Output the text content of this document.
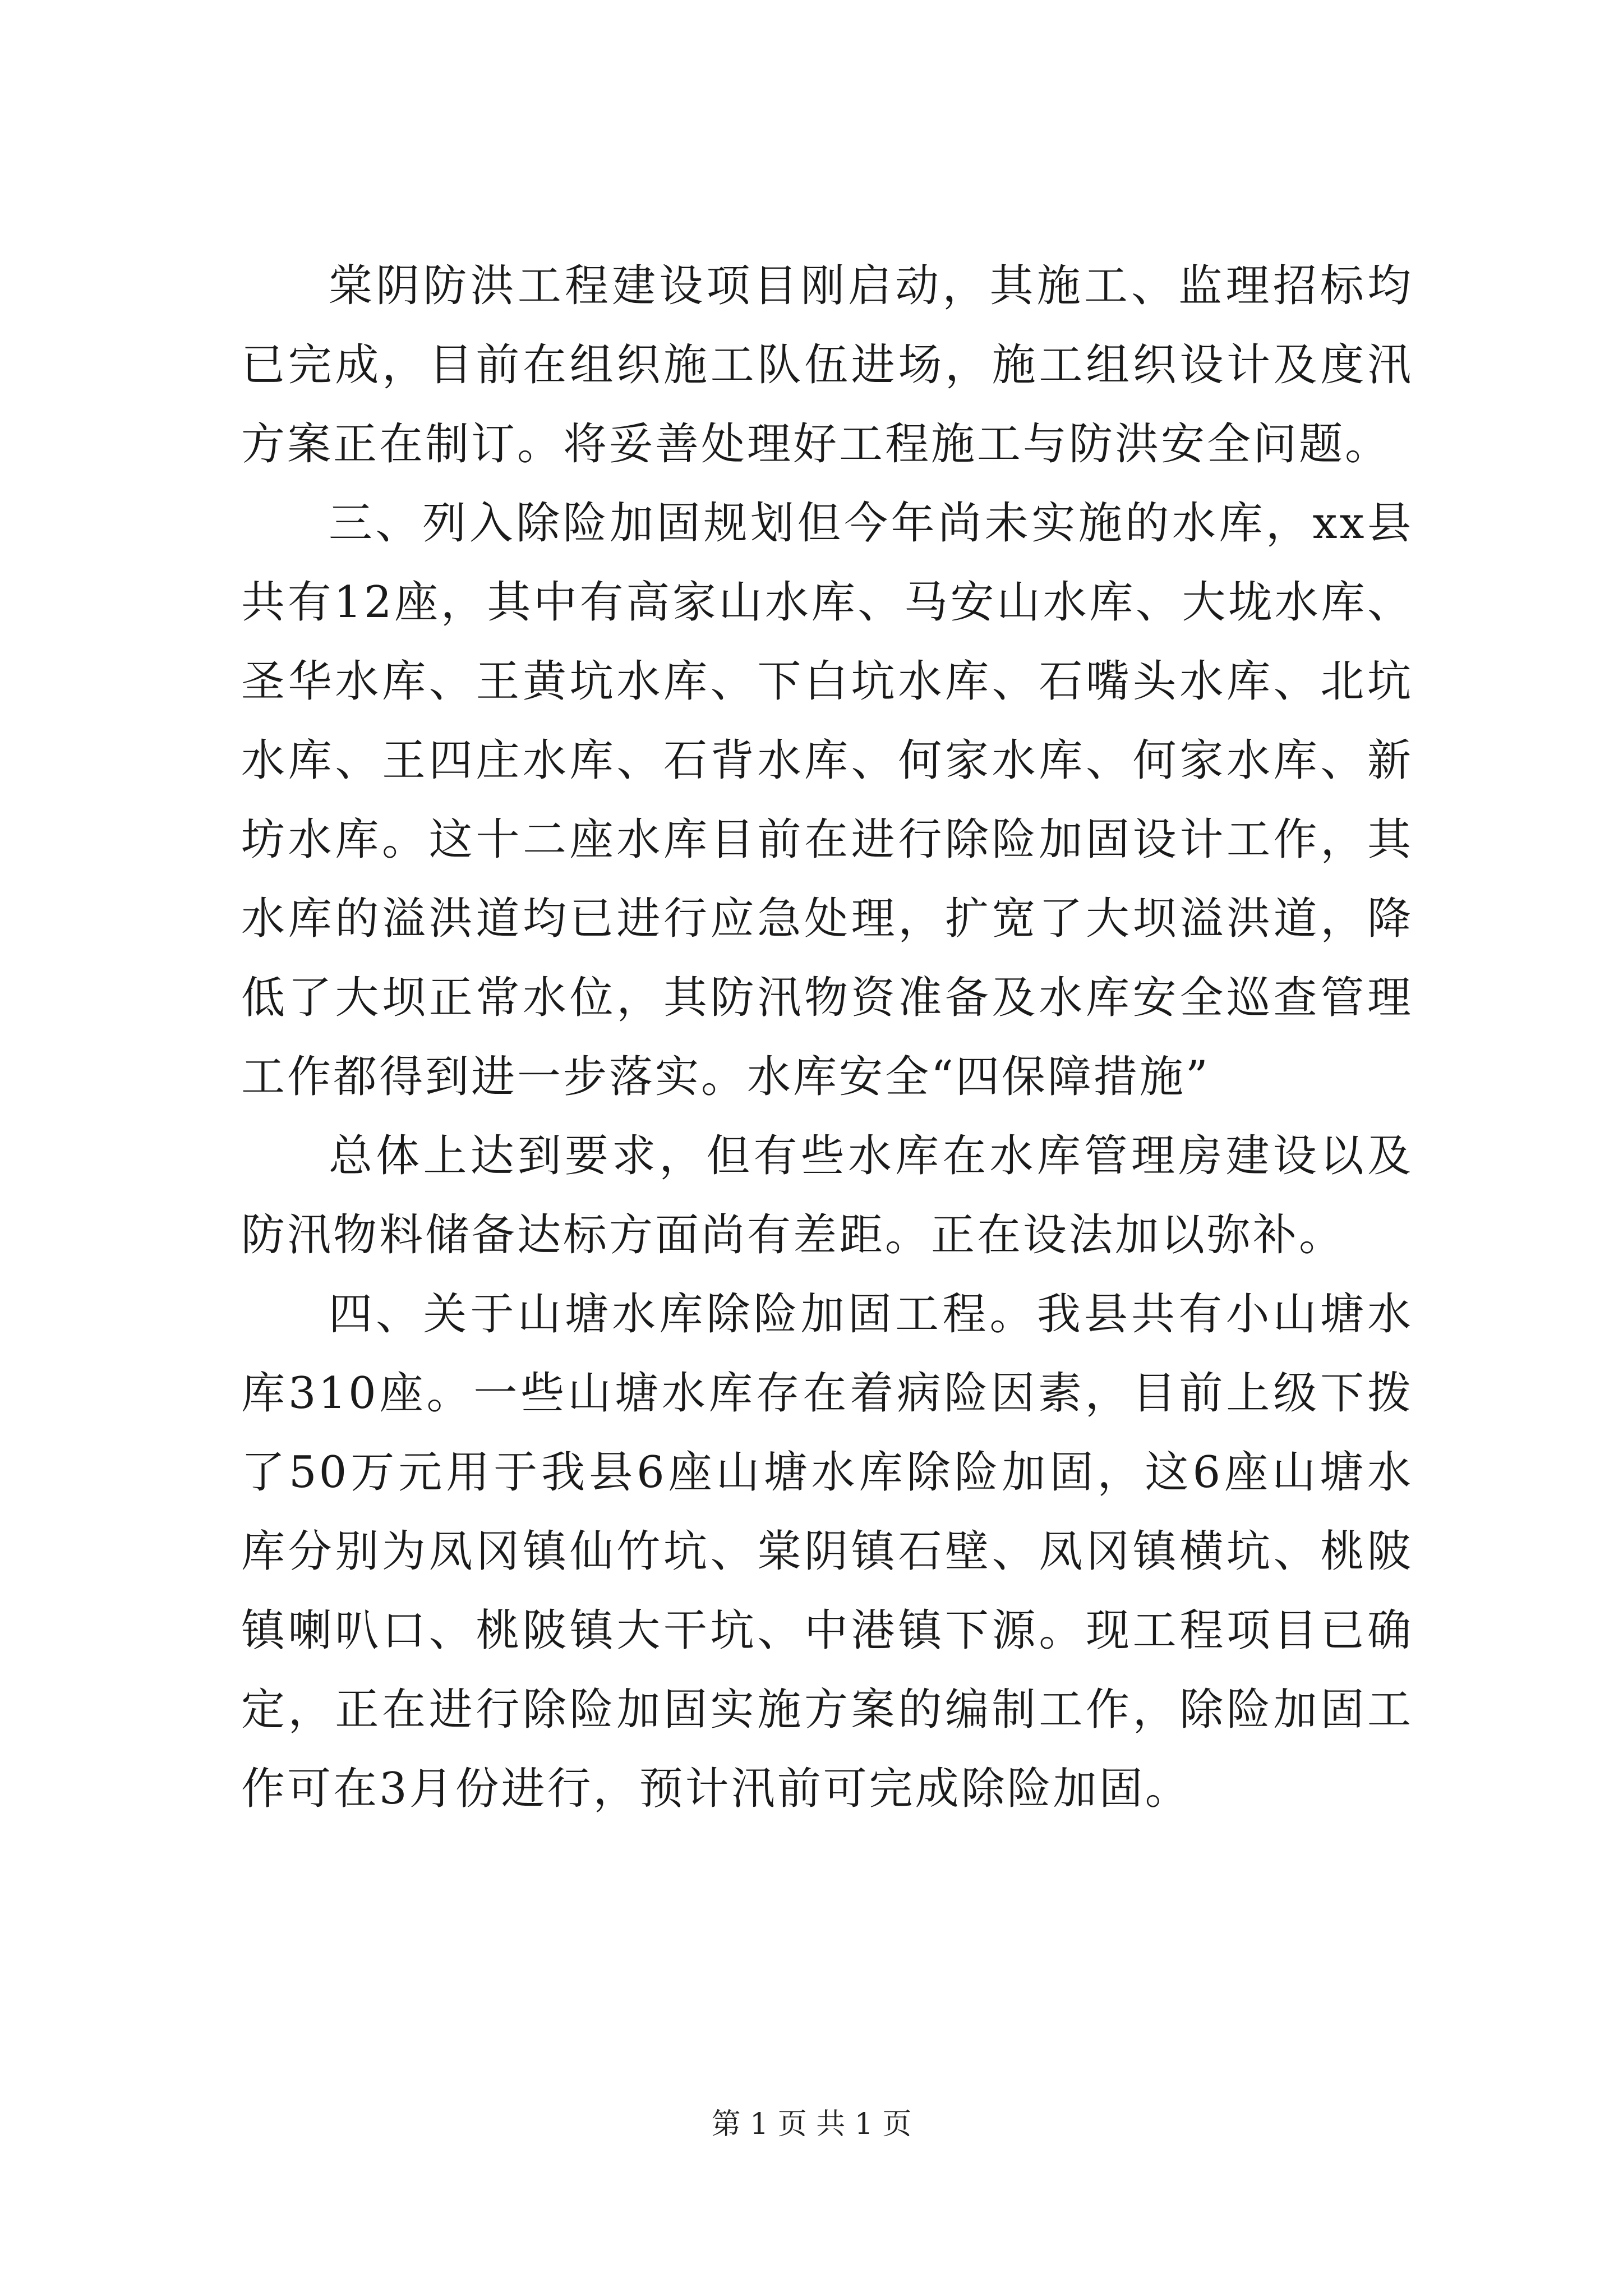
棠阴防洪工程建设项目刚启动，其施工、监理招标均已完成，目前在组织施工队伍进场，施工组织设计及度汛方案正在制订。将妥善处理好工程施工与防洪安全问题。

三、列入除险加固规划但今年尚未实施的水库，xx县共有12座，其中有高家山水库、马安山水库、大垅水库、圣华水库、王黄坑水库、下白坑水库、石嘴头水库、北坑水库、王四庄水库、石背水库、何家水库、何家水库、新坊水库。这十二座水库目前在进行除险加固设计工作，其水库的溢洪道均已进行应急处理，扩宽了大坝溢洪道，降低了大坝正常水位，其防汛物资准备及水库安全巡查管理工作都得到进一步落实。水库安全“四保障措施”

总体上达到要求，但有些水库在水库管理房建设以及防汛物料储备达标方面尚有差距。正在设法加以弥补。

四、关于山塘水库除险加固工程。我县共有小山塘水库310座。一些山塘水库存在着病险因素，目前上级下拨了50万元用于我县6座山塘水库除险加固，这6座山塘水库分别为凤冈镇仙竹坑、棠阴镇石壁、凤冈镇横坑、桃陂镇喇叭口、桃陂镇大干坑、中港镇下源。现工程项目已确定，正在进行除险加固实施方案的编制工作，除险加固工作可在3月份进行，预计汛前可完成除险加固。

第 1 页 共 1 页
